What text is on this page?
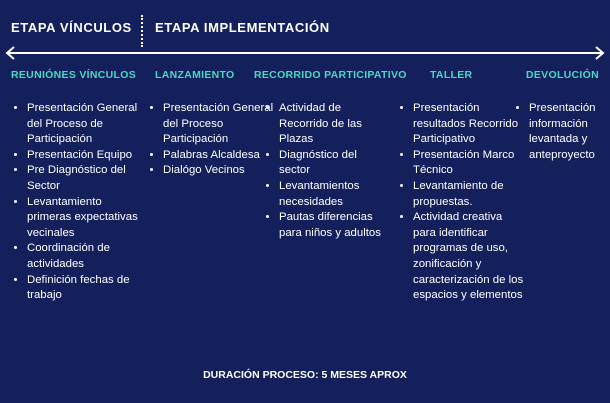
ETAPA VÍNCULOS ETAPA IMPLEMENTACIÓN
REUNIÓNES VÍNCULOS
• Presentación General del Proceso de Participación
• Presentación Equipo
• Pre Diagnóstico del Sector
• Levantamiento primeras expectativas vecinales
• Coordinación de actividades
• Definición fechas de trabajo
LANZAMIENTO
• Presentación General del Proceso Participación
• Palabras Alcaldesa
• Dialógo Vecinos
RECORRIDO PARTICIPATIVO
• Actividad de Recorrido de las Plazas
• Diagnóstico del sector
• Levantamientos necesidades
• Pautas diferencias para niños y adultos
TALLER
• Presentación resultados Recorrido Participativo
• Presentación Marco Técnico
• Levantamiento de propuestas.
• Actividad creativa para identificar programas de uso, zonificación y caracterización de los espacios y elementos
DEVOLUCIÓN
• Presentación información levantada y anteproyecto
DURACIÓN PROCESO: 5 MESES APROX
